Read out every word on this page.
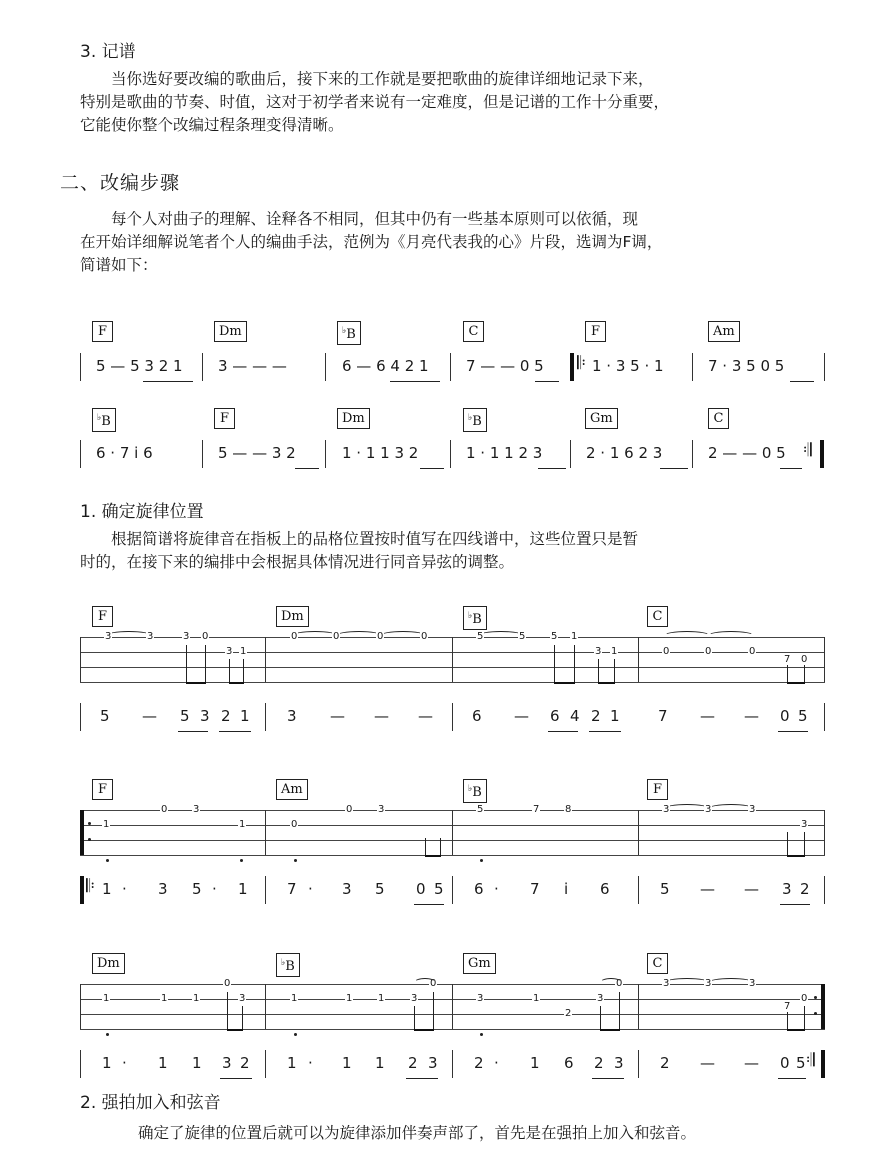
3. 记谱

当你选好要改编的歌曲后，接下来的工作就是要把歌曲的旋律详细地记录下来，

特别是歌曲的节奏、时值，这对于初学者来说有一定难度，但是记谱的工作十分重要，

它能使你整个改编过程条理变得清晰。

二、改编步骤

每个人对曲子的理解、诠释各不相同，但其中仍有一些基本原则可以依循，现

在开始详细解说笔者个人的编曲手法，范例为《月亮代表我的心》片段，选调为F调，

简谱如下：

F	Dm	♭B	C	F	Am
5 — 5 3 2 1 3 — — —	6 — 6 4 2 1 7 — — 0 5 𝄆 1 · 3 5 · 1	7 · 3 5 0 5
♭B	F	Dm	♭B	Gm	C
6 · 7 i 6	5 — — 3 2	1 · 1 1 3 2	1 · 1 1 2 3	2 · 1 6 2 3	2 — — 0 5 𝄇
1. 确定旋律位置

根据简谱将旋律音在指板上的品格位置按时值写在四线谱中，这些位置只是暂

时的，在接下来的编排中会根据具体情况进行同音异弦的调整。

F	Dm	♭B	C
3	3	3 0
3 1
0	0	0	0	5	5	5 1
3 1	0	0	0
7 0
5 — 5 3 2 1 3 — — —	6 — 6 4 2 1	7 — — 0 5
F	Am	♭B	F
1
0	3
1	0
0	3	5	7	8	3	3	3
3
𝄆 1 · 3 5 · 1	7 · 3 5 0 5 6 · 7 i 6	5 — — 3 2
Dm	♭B	Gm	C
1	1	1
0
3	1	1	1	3
0
3	1
2
3
0	3	3	3
7
0
1 · 1 1 3 2 1 · 1 1 2 3 2 · 1 6 2 3 2 — — 0 5 𝄇
2. 强拍加入和弦音
确定了旋律的位置后就可以为旋律添加伴奏声部了，首先是在强拍上加入和弦音。
